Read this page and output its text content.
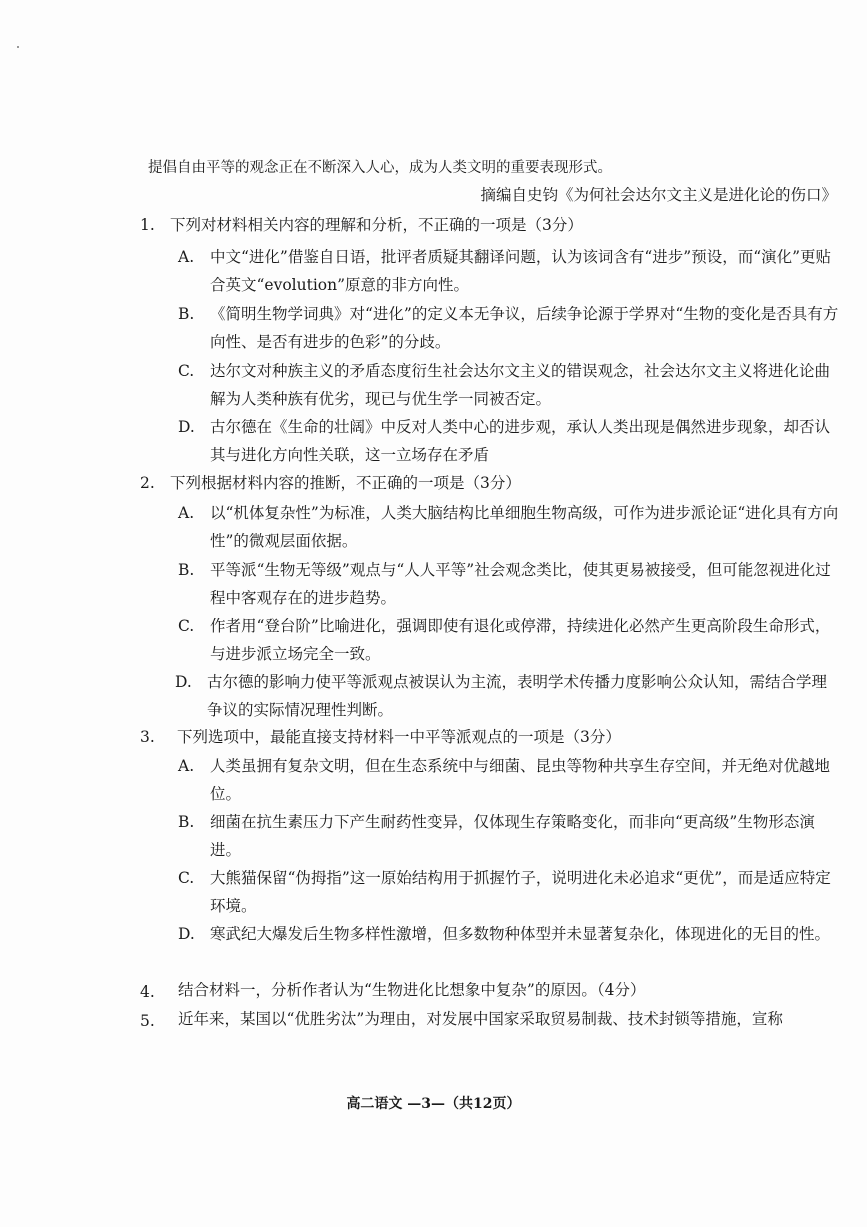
提倡自由平等的观念正在不断深入人心，成为人类文明的重要表现形式。
摘编自史钧《为何社会达尔文主义是进化论的伤口》
1. 下列对材料相关内容的理解和分析，不正确的一项是（3分）
A. 中文“进化”借鉴自日语，批评者质疑其翻译问题，认为该词含有“进步”预设，而“演化”更贴合英文“evolution”原意的非方向性。
B. 《简明生物学词典》对“进化”的定义本无争议，后续争论源于学界对“生物的变化是否具有方向性、是否有进步的色彩”的分歧。
C. 达尔文对种族主义的矛盾态度衍生社会达尔文主义的错误观念，社会达尔文主义将进化论曲解为人类种族有优劣，现已与优生学一同被否定。
D. 古尔德在《生命的壮阔》中反对人类中心的进步观，承认人类出现是偶然进步现象，却否认其与进化方向性关联，这一立场存在矛盾
2. 下列根据材料内容的推断，不正确的一项是（3分）
A. 以“机体复杂性”为标准，人类大脑结构比单细胞生物高级，可作为进步派论证“进化具有方向性”的微观层面依据。
B. 平等派“生物无等级”观点与“人人平等”社会观念类比，使其更易被接受，但可能忽视进化过程中客观存在的进步趋势。
C. 作者用“登台阶”比喻进化，强调即使有退化或停滞，持续进化必然产生更高阶段生命形式，与进步派立场完全一致。
D. 古尔德的影响力使平等派观点被误认为主流，表明学术传播力度影响公众认知，需结合学理争议的实际情况理性判断。
3. 下列选项中，最能直接支持材料一中平等派观点的一项是（3分）
A. 人类虽拥有复杂文明，但在生态系统中与细菌、昆虫等物种共享生存空间，并无绝对优越地位。
B. 细菌在抗生素压力下产生耐药性变异，仅体现生存策略变化，而非向“更高级”生物形态演进。
C. 大熊猫保留“伪拇指”这一原始结构用于抓握竹子，说明进化未必追求“更优”，而是适应特定环境。
D. 寒武纪大爆发后生物多样性激增，但多数物种体型并未显著复杂化，体现进化的无目的性。
4. 结合材料一，分析作者认为“生物进化比想象中复杂”的原因。（4分）
5. 近年来，某国以“优胜劣汰”为理由，对发展中国家采取贸易制裁、技术封锁等措施，宣称
高二语文 —3—（共12页）
